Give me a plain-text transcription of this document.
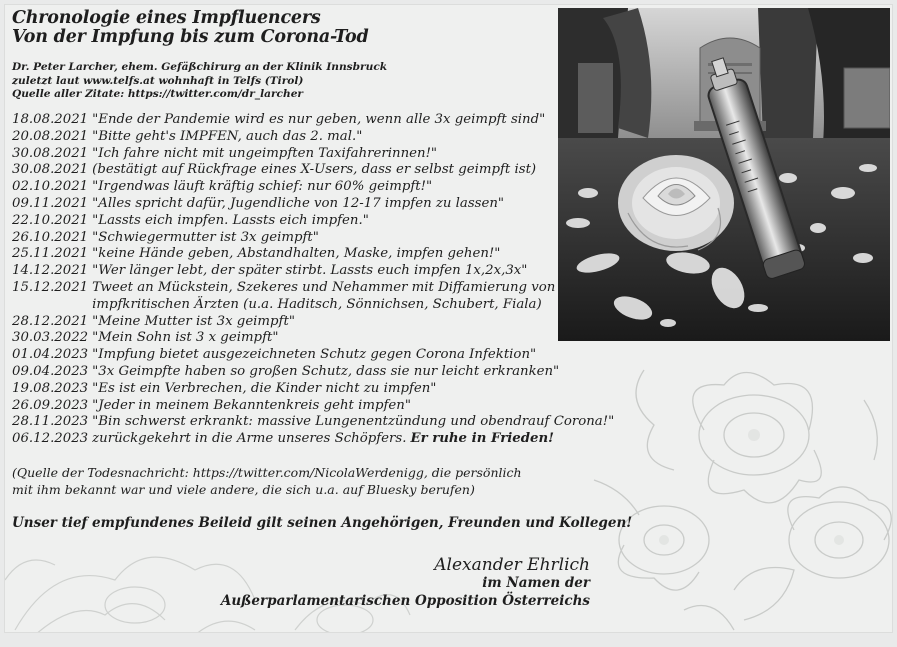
Chronologie eines Impfluencers
Von der Impfung bis zum Corona-Tod
Dr. Peter Larcher, ehem. Gefäßchirurg an der Klinik Innsbruck
zuletzt laut www.telfs.at wohnhaft in Telfs (Tirol)
Quelle aller Zitate: https://twitter.com/dr_larcher
18.08.2021 "Ende der Pandemie wird es nur geben, wenn alle 3x geimpft sind"
20.08.2021 "Bitte geht's IMPFEN, auch das 2. mal."
30.08.2021 "Ich fahre nicht mit ungeimpften Taxifahrerinnen!"
30.08.2021 (bestätigt auf Rückfrage eines X-Users, dass er selbst geimpft ist)
02.10.2021 "Irgendwas läuft kräftig schief: nur 60% geimpft!"
09.11.2021 "Alles spricht dafür, Jugendliche von 12-17 impfen zu lassen"
22.10.2021 "Lassts eich impfen. Lassts eich impfen."
26.10.2021 "Schwiegermutter ist 3x geimpft"
25.11.2021 "keine Hände geben, Abstandhalten, Maske, impfen gehen!"
14.12.2021 "Wer länger lebt, der später stirbt. Lassts euch impfen 1x,2x,3x"
15.12.2021 Tweet an Mückstein, Szekeres und Nehammer mit Diffamierung von impfkritischen Ärzten (u.a. Haditsch, Sönnichsen, Schubert, Fiala)
28.12.2021 "Meine Mutter ist 3x geimpft"
30.03.2022 "Mein Sohn ist 3 x geimpft"
01.04.2023 "Impfung bietet ausgezeichneten Schutz gegen Corona Infektion"
09.04.2023 "3x Geimpfte haben so großen Schutz, dass sie nur leicht erkranken"
19.08.2023 "Es ist ein Verbrechen, die Kinder nicht zu impfen"
26.09.2023 "Jeder in meinem Bekanntenkreis geht impfen"
28.11.2023 "Bin schwerst erkrankt: massive Lungenentzündung und obendrauf Corona!"
06.12.2023 zurückgekehrt in die Arme unseres Schöpfers. Er ruhe in Frieden!
(Quelle der Todesnachricht: https://twitter.com/NicolaWerdenigg, die persönlich
mit ihm bekannt war und viele andere, die sich u.a. auf Bluesky berufen)
Unser tief empfundenes Beileid gilt seinen Angehörigen, Freunden und Kollegen!
Alexander Ehrlich
im Namen der
Außerparlamentarischen Opposition Österreichs
